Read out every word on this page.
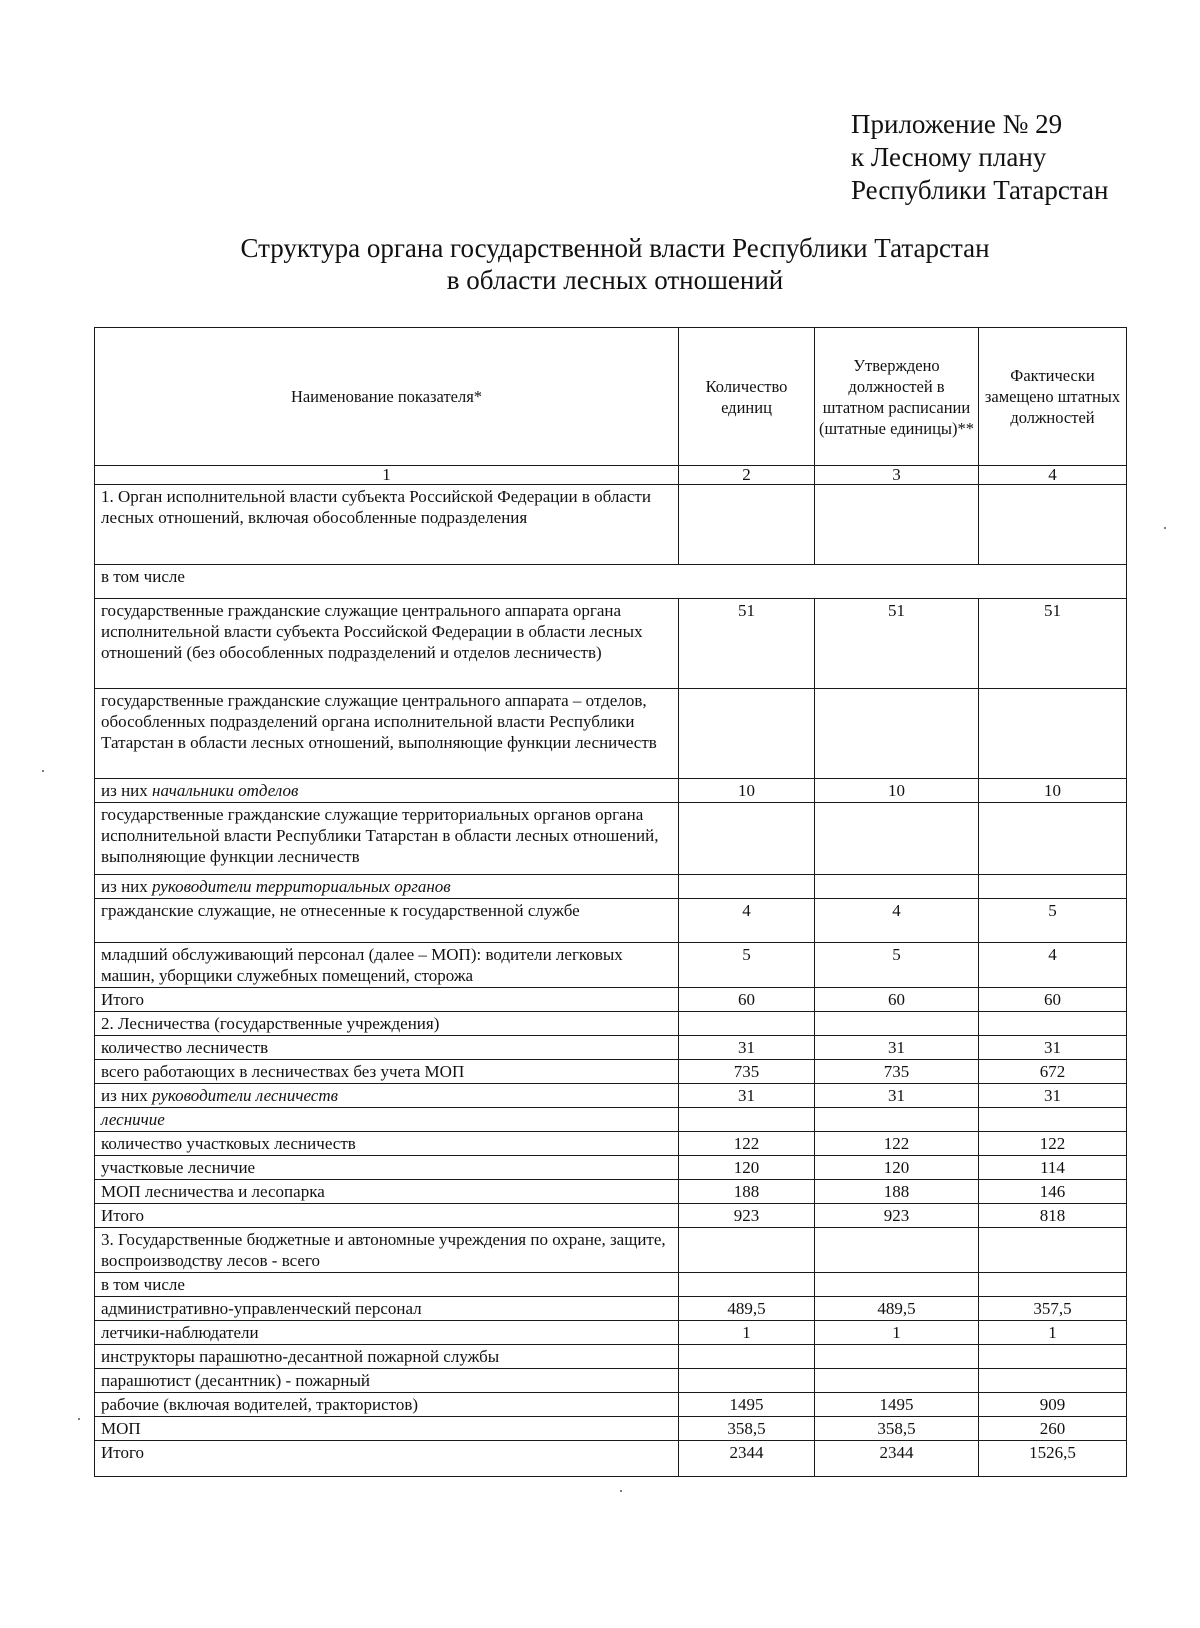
Приложение № 29
к Лесному плану
Республики Татарстан
Структура органа государственной власти Республики Татарстан
в области лесных отношений
Наименование показателя*	Количество единиц	Утверждено должностей в штатном расписании (штатные единицы)**	Фактически замещено штатных должностей
1	2	3	4
1. Орган исполнительной власти субъекта Российской Федерации в области лесных отношений, включая обособленные подразделения			
в том числе			
государственные гражданские служащие центрального аппарата органа исполнительной власти субъекта Российской Федерации в области лесных отношений (без обособленных подразделений и отделов лесничеств)	51	51	51
государственные гражданские служащие центрального аппарата – отделов, обособленных подразделений органа исполнительной власти Республики Татарстан в области лесных отношений, выполняющие функции лесничеств			
из них начальники отделов	10	10	10
государственные гражданские служащие территориальных органов органа исполнительной власти Республики Татарстан в области лесных отношений, выполняющие функции лесничеств			
из них руководители территориальных органов			
гражданские служащие, не отнесенные к государственной службе	4	4	5
младший обслуживающий персонал (далее – МОП): водители легковых машин, уборщики служебных помещений, сторожа	5	5	4
Итого	60	60	60
2. Лесничества (государственные учреждения)			
количество лесничеств	31	31	31
всего работающих в лесничествах без учета МОП	735	735	672
из них руководители лесничеств	31	31	31
лесничие			
количество участковых лесничеств	122	122	122
участковые лесничие	120	120	114
МОП лесничества и лесопарка	188	188	146
Итого	923	923	818
3. Государственные бюджетные и автономные учреждения по охране, защите, воспроизводству лесов - всего			
в том числе			
административно-управленческий персонал	489,5	489,5	357,5
летчики-наблюдатели	1	1	1
инструкторы парашютно-десантной пожарной службы			
парашютист (десантник) - пожарный			
рабочие (включая водителей, трактористов)	1495	1495	909
МОП	358,5	358,5	260
Итого	2344	2344	1526,5
